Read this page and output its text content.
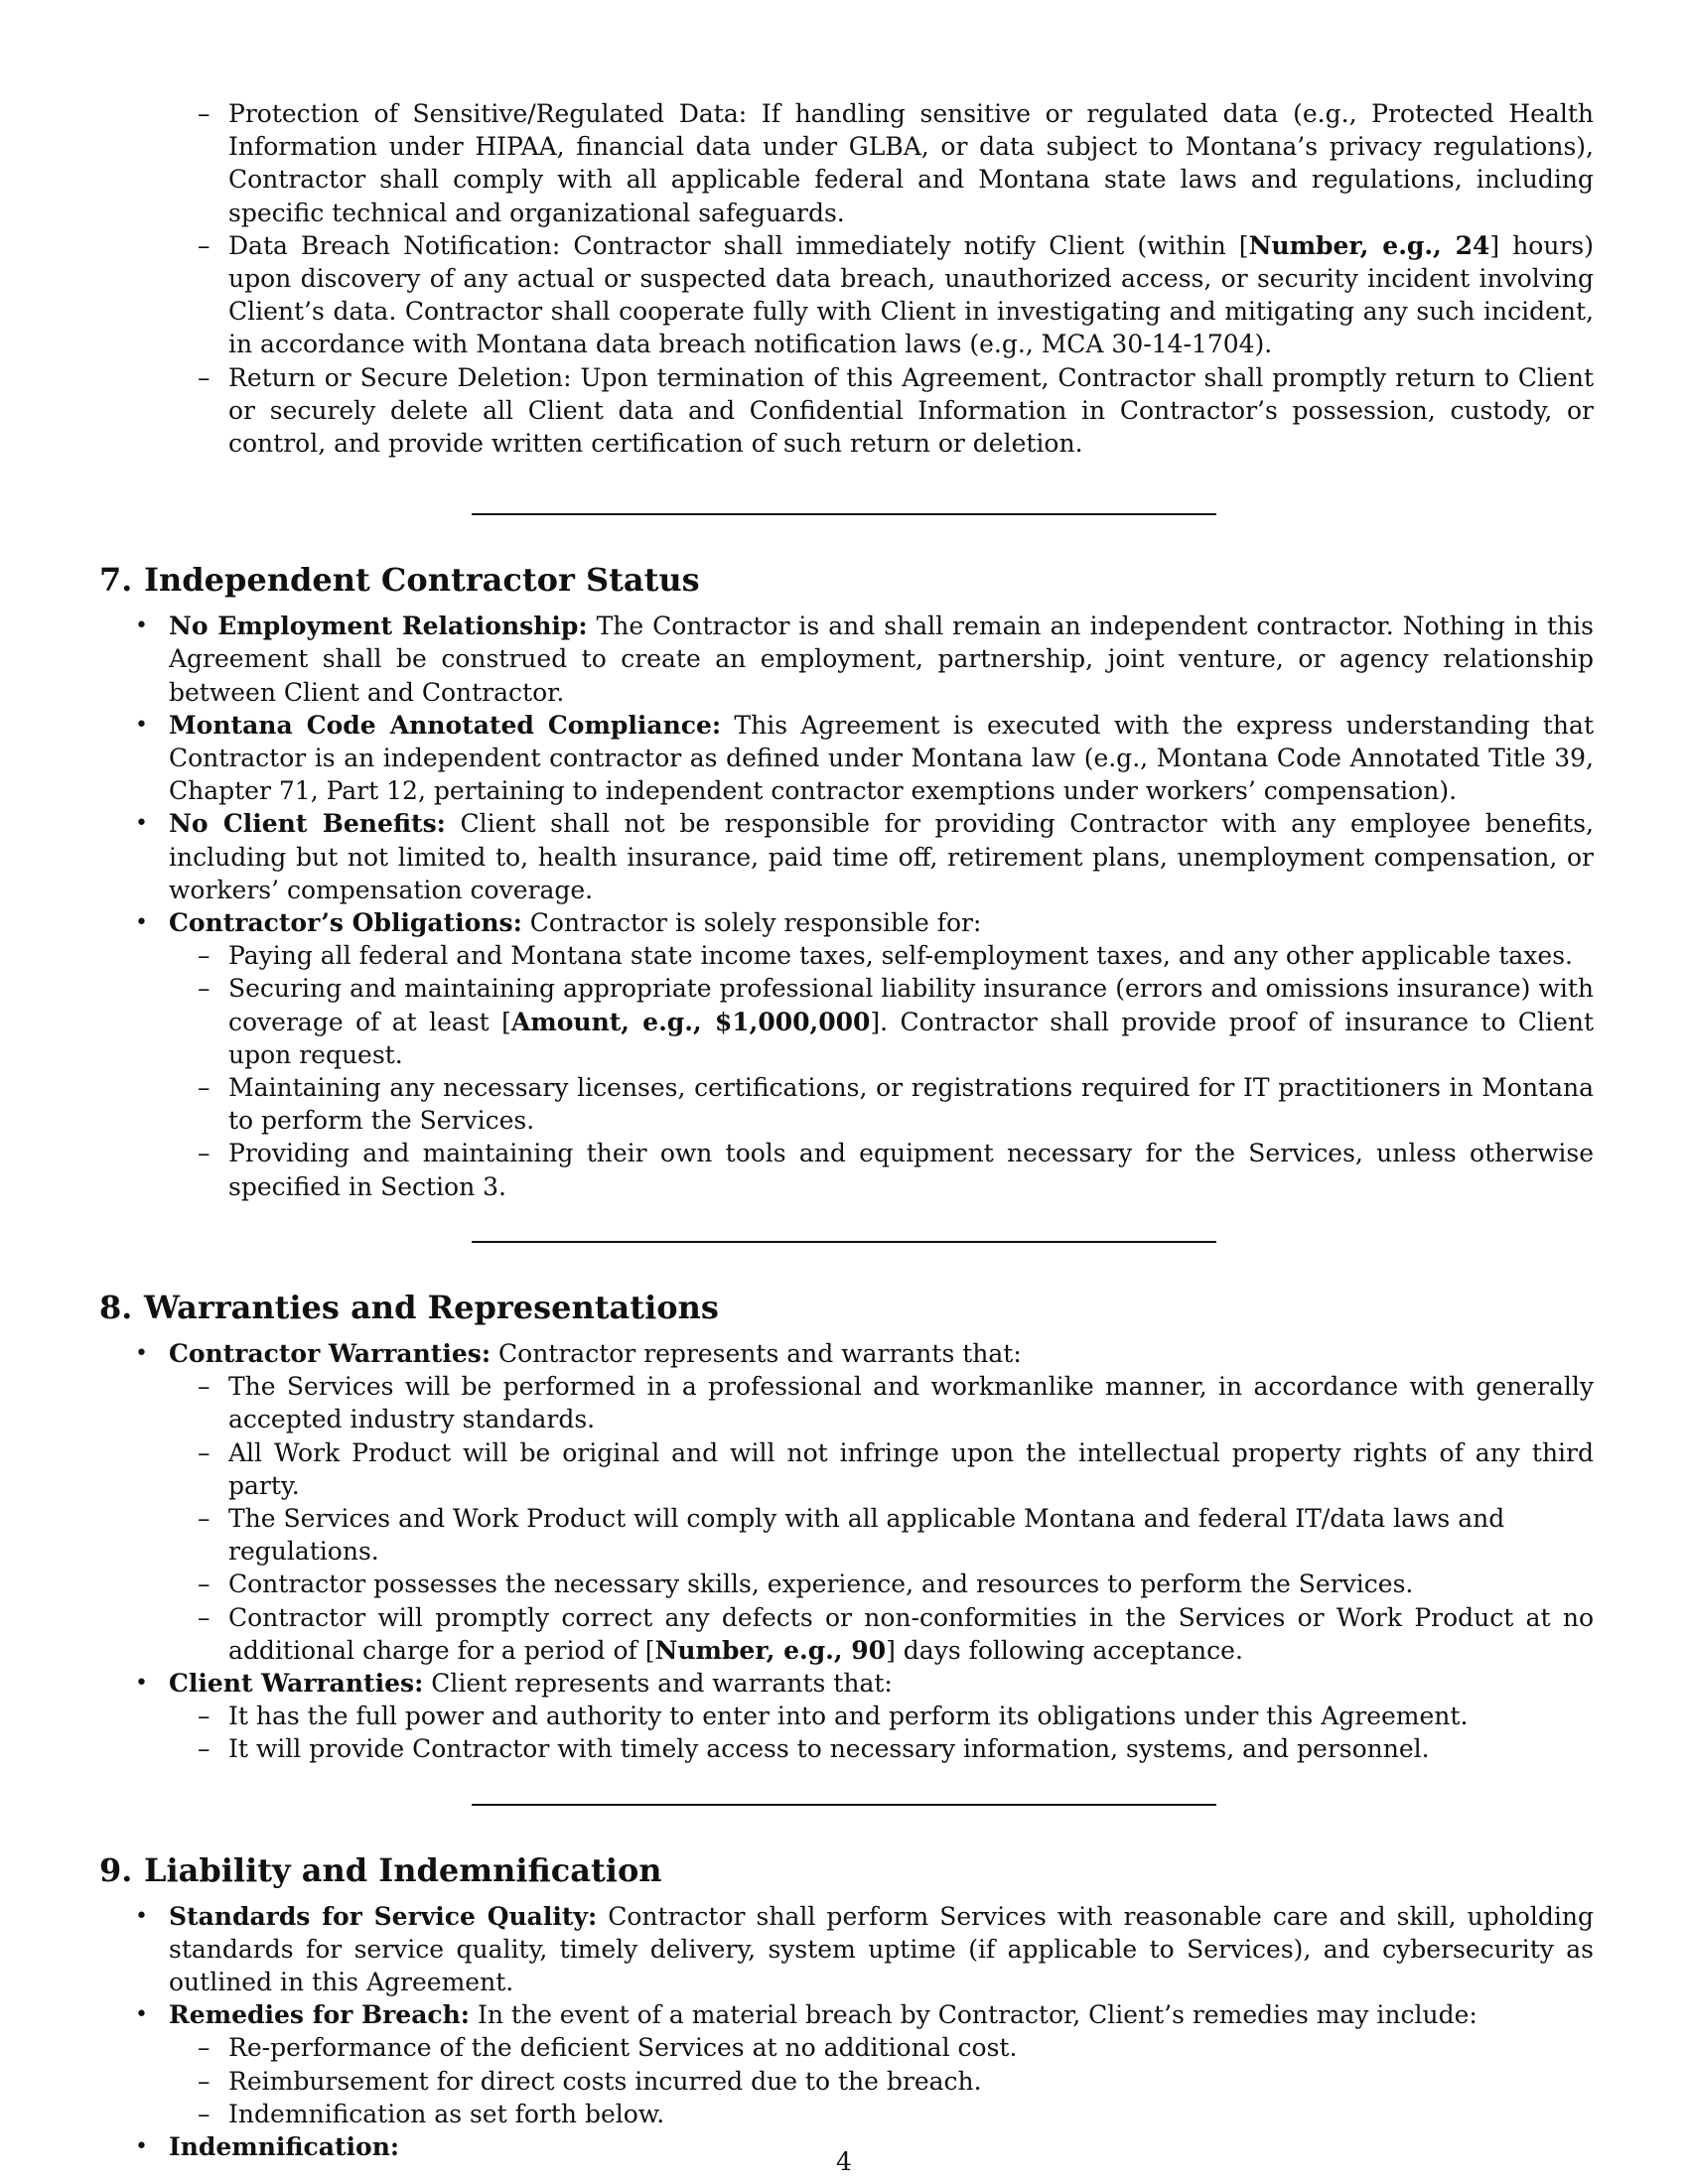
– Protection of Sensitive/Regulated Data: If handling sensitive or regulated data (e.g., Protected Health Information under HIPAA, financial data under GLBA, or data subject to Montana’s privacy regulations), Contractor shall comply with all applicable federal and Montana state laws and regulations, including specific technical and organizational safeguards.
– Data Breach Notification: Contractor shall immediately notify Client (within [Number, e.g., 24] hours) upon discovery of any actual or suspected data breach, unauthorized access, or security incident involving Client’s data. Contractor shall cooperate fully with Client in investigating and mitigating any such incident, in accordance with Montana data breach notification laws (e.g., MCA 30-14-1704).
– Return or Secure Deletion: Upon termination of this Agreement, Contractor shall promptly return to Client or securely delete all Client data and Confidential Information in Contractor’s possession, custody, or control, and provide written certification of such return or deletion.
7. Independent Contractor Status
• No Employment Relationship: The Contractor is and shall remain an independent contractor. Nothing in this Agreement shall be construed to create an employment, partnership, joint venture, or agency relationship between Client and Contractor.
• Montana Code Annotated Compliance: This Agreement is executed with the express understanding that Contractor is an independent contractor as defined under Montana law (e.g., Montana Code Annotated Title 39, Chapter 71, Part 12, pertaining to independent contractor exemptions under workers’ compensation).
• No Client Benefits: Client shall not be responsible for providing Contractor with any employee benefits, including but not limited to, health insurance, paid time off, retirement plans, unemployment compensation, or workers’ compensation coverage.
• Contractor’s Obligations: Contractor is solely responsible for:
– Paying all federal and Montana state income taxes, self-employment taxes, and any other applicable taxes.
– Securing and maintaining appropriate professional liability insurance (errors and omissions insurance) with coverage of at least [Amount, e.g., $1,000,000]. Contractor shall provide proof of insurance to Client upon request.
– Maintaining any necessary licenses, certifications, or registrations required for IT practitioners in Montana to perform the Services.
– Providing and maintaining their own tools and equipment necessary for the Services, unless otherwise specified in Section 3.
8. Warranties and Representations
• Contractor Warranties: Contractor represents and warrants that:
– The Services will be performed in a professional and workmanlike manner, in accordance with generally accepted industry standards.
– All Work Product will be original and will not infringe upon the intellectual property rights of any third party.
– The Services and Work Product will comply with all applicable Montana and federal IT/data laws and regulations.
– Contractor possesses the necessary skills, experience, and resources to perform the Services.
– Contractor will promptly correct any defects or non-conformities in the Services or Work Product at no additional charge for a period of [Number, e.g., 90] days following acceptance.
• Client Warranties: Client represents and warrants that:
– It has the full power and authority to enter into and perform its obligations under this Agreement.
– It will provide Contractor with timely access to necessary information, systems, and personnel.
9. Liability and Indemnification
• Standards for Service Quality: Contractor shall perform Services with reasonable care and skill, upholding standards for service quality, timely delivery, system uptime (if applicable to Services), and cybersecurity as outlined in this Agreement.
• Remedies for Breach: In the event of a material breach by Contractor, Client’s remedies may include:
– Re-performance of the deficient Services at no additional cost.
– Reimbursement for direct costs incurred due to the breach.
– Indemnification as set forth below.
• Indemnification:
4
